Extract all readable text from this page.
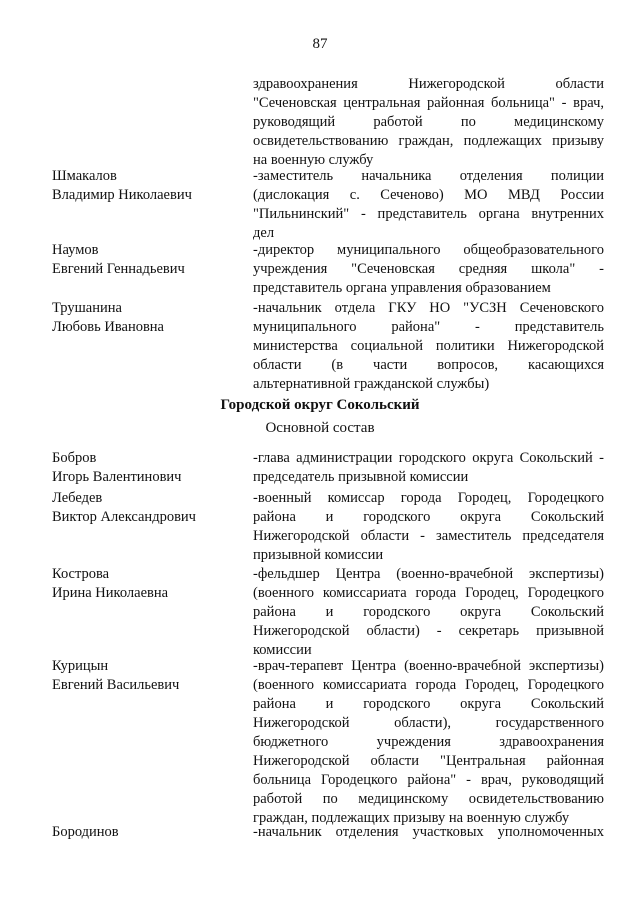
87
здравоохранения Нижегородской области
"Сеченовская центральная районная больница" - врач,
руководящий работой по медицинскому
освидетельствованию граждан, подлежащих призыву
на военную службу
Шмакалов
Владимир Николаевич
-заместитель начальника отделения полиции
(дислокация с. Сеченово) МО МВД России
"Пильнинский" - представитель органа внутренних
дел
Наумов
Евгений Геннадьевич
-директор муниципального общеобразовательного
учреждения "Сеченовская средняя школа" -
представитель органа управления образованием
Трушанина
Любовь Ивановна
-начальник отдела ГКУ НО "УСЗН Сеченовского
муниципального района" - представитель
министерства социальной политики Нижегородской
области (в части вопросов, касающихся
альтернативной гражданской службы)
Городской округ Сокольский
Основной состав
Бобров
Игорь Валентинович
-глава администрации городского округа Сокольский -
председатель призывной комиссии
Лебедев
Виктор Александрович
-военный комиссар города Городец, Городецкого
района и городского округа Сокольский
Нижегородской области - заместитель председателя
призывной комиссии
Кострова
Ирина Николаевна
-фельдшер Центра (военно-врачебной экспертизы)
(военного комиссариата города Городец, Городецкого
района и городского округа Сокольский
Нижегородской области) - секретарь призывной
комиссии
Курицын
Евгений Васильевич
-врач-терапевт Центра (военно-врачебной экспертизы)
(военного комиссариата города Городец, Городецкого
района и городского округа Сокольский
Нижегородской области), государственного
бюджетного учреждения здравоохранения
Нижегородской области "Центральная районная
больница Городецкого района" - врач, руководящий
работой по медицинскому освидетельствованию
граждан, подлежащих призыву на военную службу
Бородинов	-начальник отделения участковых уполномоченных
